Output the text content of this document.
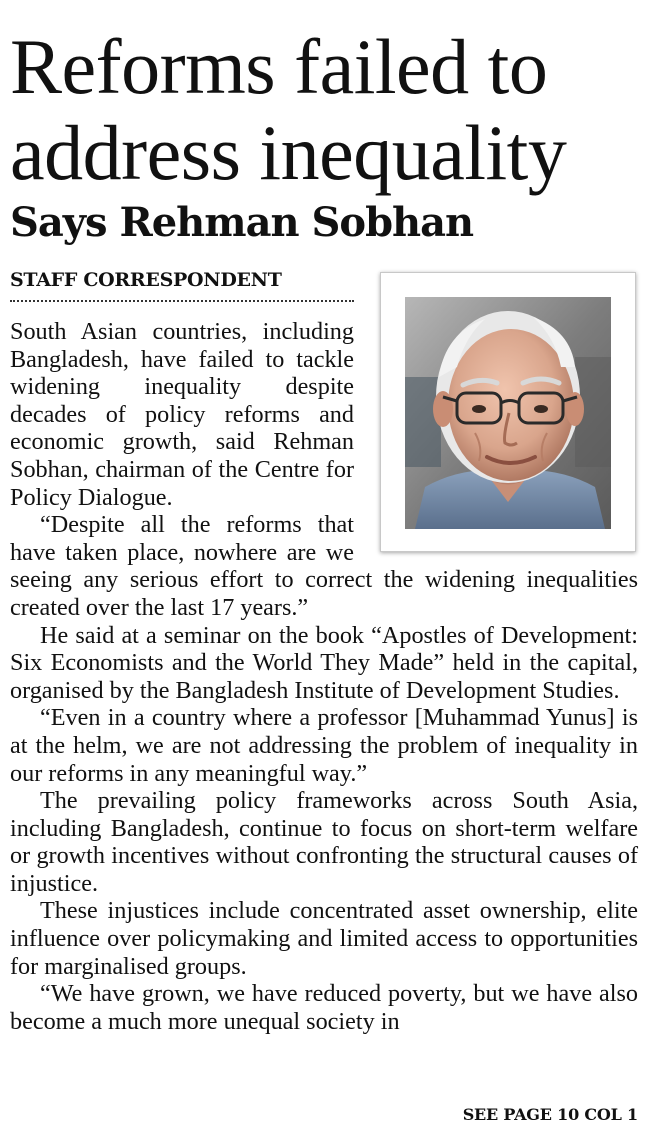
Reforms failed to
address inequality
Says Rehman Sobhan
STAFF CORRESPONDENT

South Asian countries, including Bangladesh, have failed to tackle widening inequality despite decades of policy reforms and economic growth, said Rehman Sobhan, chairman of the Centre for Policy Dialogue.

“Despite all the reforms that have taken place, nowhere are we seeing any serious effort to correct the widening inequalities created over the last 17 years.”

He said at a seminar on the book “Apostles of Development: Six Economists and the World They Made” held in the capital, organised by the Bangladesh Institute of Development Studies.

“Even in a country where a professor [Muhammad Yunus] is at the helm, we are not addressing the problem of inequality in our reforms in any meaningful way.”

The prevailing policy frameworks across South Asia, including Bangladesh, continue to focus on short-term welfare or growth incentives without confronting the structural causes of injustice.

These injustices include concentrated asset ownership, elite influence over policymaking and limited access to opportunities for marginalised groups.

“We have grown, we have reduced poverty, but we have also become a much more unequal society in

SEE PAGE 10 COL 1
